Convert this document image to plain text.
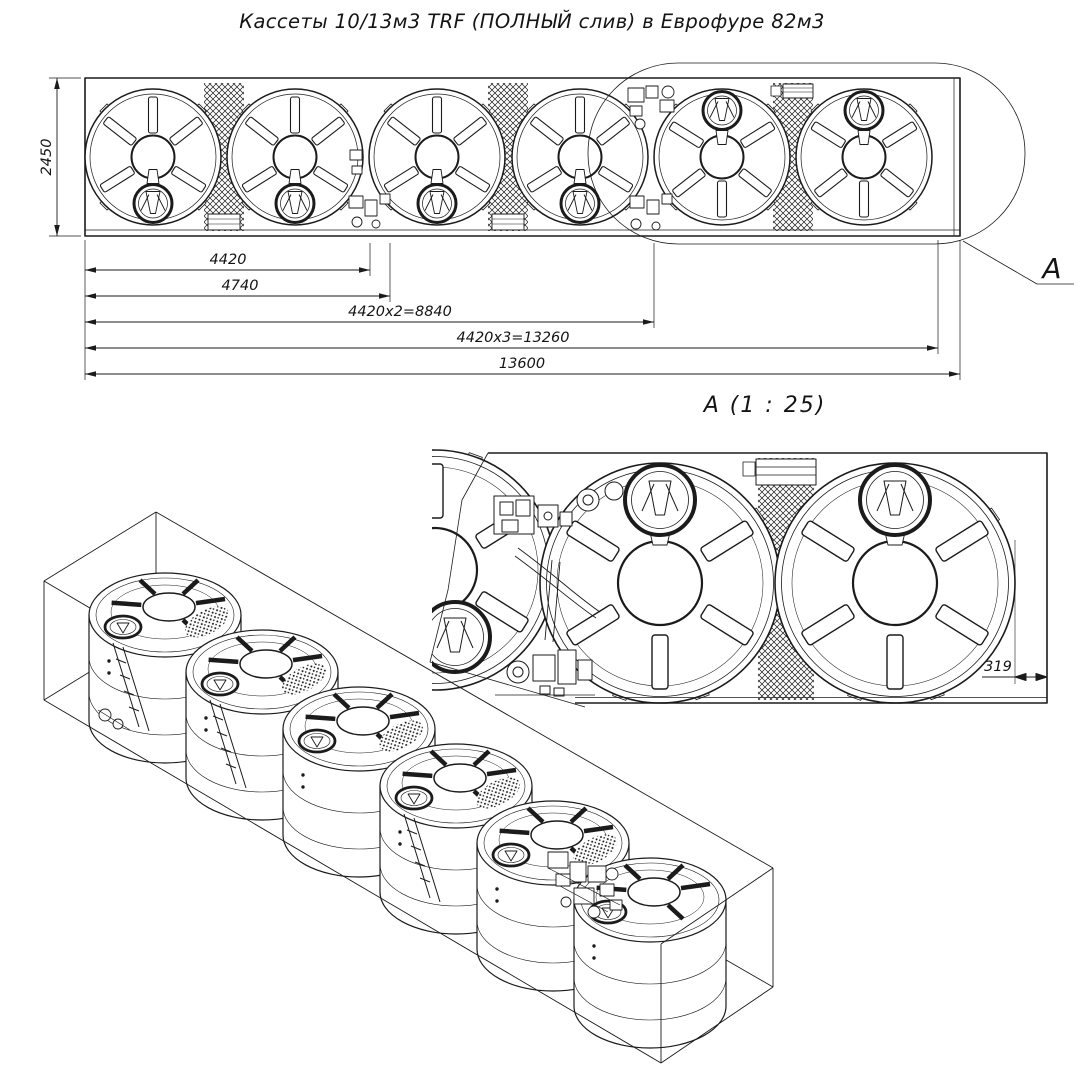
Кассеты 10/13м3 TRF (ПОЛНЫЙ слив) в Еврофуре 82м3
А
2450
4420
4740
4420x2=8840
4420x3=13260
13600
А (1 : 25)
319
